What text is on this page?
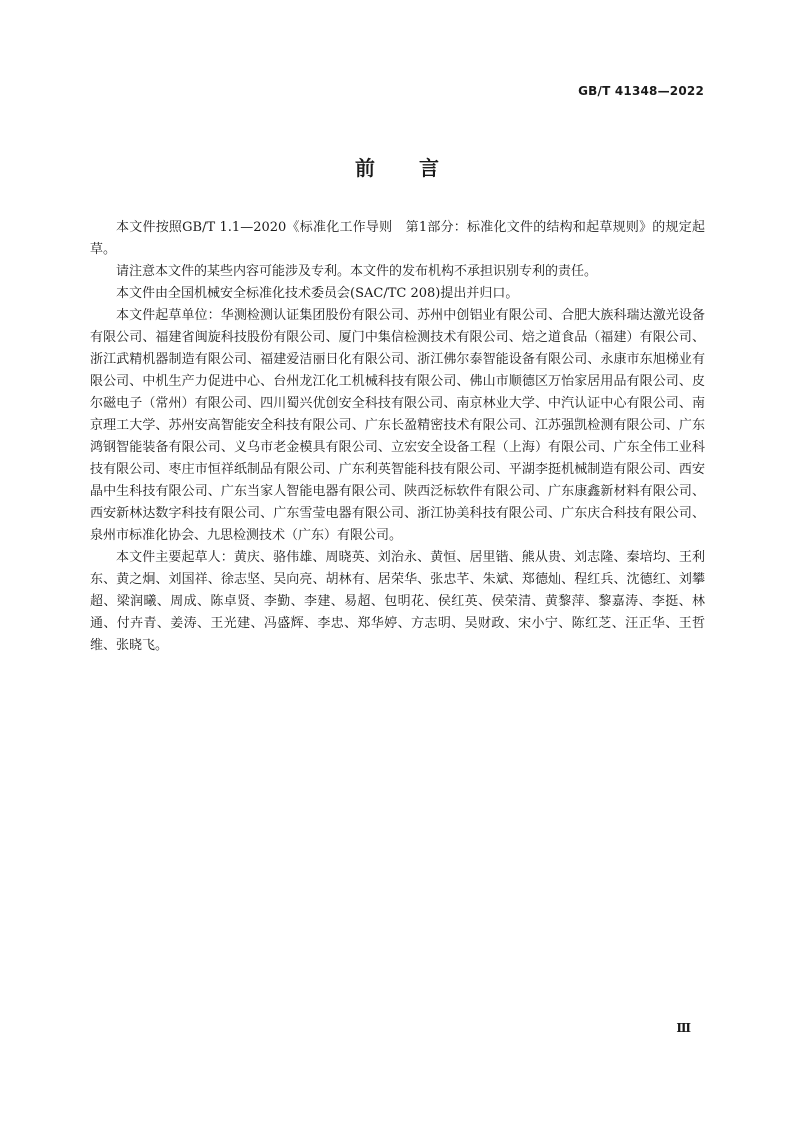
GB/T 41348—2022
前 言

本文件按照GB/T 1.1—2020《标准化工作导则　第1部分：标准化文件的结构和起草规则》的规定起草。

请注意本文件的某些内容可能涉及专利。本文件的发布机构不承担识别专利的责任。

本文件由全国机械安全标准化技术委员会(SAC/TC 208)提出并归口。

本文件起草单位：华测检测认证集团股份有限公司、苏州中创铝业有限公司、合肥大族科瑞达激光设备有限公司、福建省闽旋科技股份有限公司、厦门中集信检测技术有限公司、焙之道食品（福建）有限公司、浙江武精机器制造有限公司、福建爱洁丽日化有限公司、浙江佛尔泰智能设备有限公司、永康市东旭梯业有限公司、中机生产力促进中心、台州龙江化工机械科技有限公司、佛山市顺德区万怡家居用品有限公司、皮尔磁电子（常州）有限公司、四川蜀兴优创安全科技有限公司、南京林业大学、中汽认证中心有限公司、南京理工大学、苏州安高智能安全科技有限公司、广东长盈精密技术有限公司、江苏强凯检测有限公司、广东鸿钢智能装备有限公司、义乌市老金模具有限公司、立宏安全设备工程（上海）有限公司、广东全伟工业科技有限公司、枣庄市恒祥纸制品有限公司、广东利英智能科技有限公司、平湖李挺机械制造有限公司、西安晶中生科技有限公司、广东当家人智能电器有限公司、陕西泛标软件有限公司、广东康鑫新材料有限公司、西安新林达数字科技有限公司、广东雪莹电器有限公司、浙江协美科技有限公司、广东庆合科技有限公司、泉州市标准化协会、九思检测技术（广东）有限公司。

本文件主要起草人：黄庆、骆伟雄、周晓英、刘治永、黄恒、居里锴、熊从贵、刘志隆、秦培均、王利东、黄之炯、刘国祥、徐志坚、吴向亮、胡林有、居荣华、张忠芊、朱斌、郑德灿、程红兵、沈德红、刘攀超、梁润曦、周成、陈卓贤、李勤、李建、易超、包明花、侯红英、侯荣清、黄黎萍、黎嘉涛、李挺、林通、付卉青、姜涛、王光建、冯盛辉、李忠、郑华婷、方志明、吴财政、宋小宁、陈红芝、汪正华、王哲维、张晓飞。

Ⅲ
